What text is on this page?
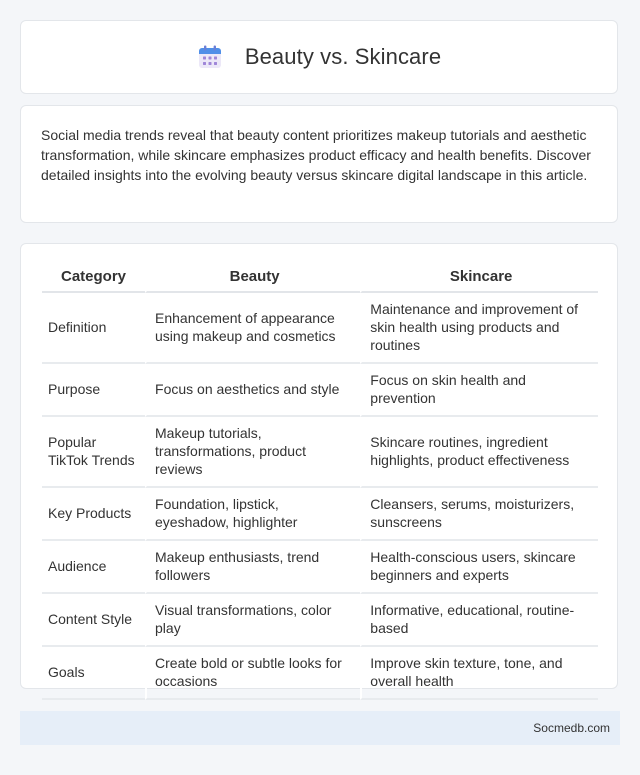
Beauty vs. Skincare

Social media trends reveal that beauty content prioritizes makeup tutorials and aesthetic transformation, while skincare emphasizes product efficacy and health benefits. Discover detailed insights into the evolving beauty versus skincare digital landscape in this article.

Category	Beauty	Skincare
Definition	Enhancement of appearance using makeup and cosmetics	Maintenance and improvement of skin health using products and routines
Purpose	Focus on aesthetics and style	Focus on skin health and prevention
Popular TikTok Trends	Makeup tutorials, transformations, product reviews	Skincare routines, ingredient highlights, product effectiveness
Key Products	Foundation, lipstick, eyeshadow, highlighter	Cleansers, serums, moisturizers, sunscreens
Audience	Makeup enthusiasts, trend followers	Health-conscious users, skincare beginners and experts
Content Style	Visual transformations, color play	Informative, educational, routine-based
Goals	Create bold or subtle looks for occasions	Improve skin texture, tone, and overall health
Socmedb.com
